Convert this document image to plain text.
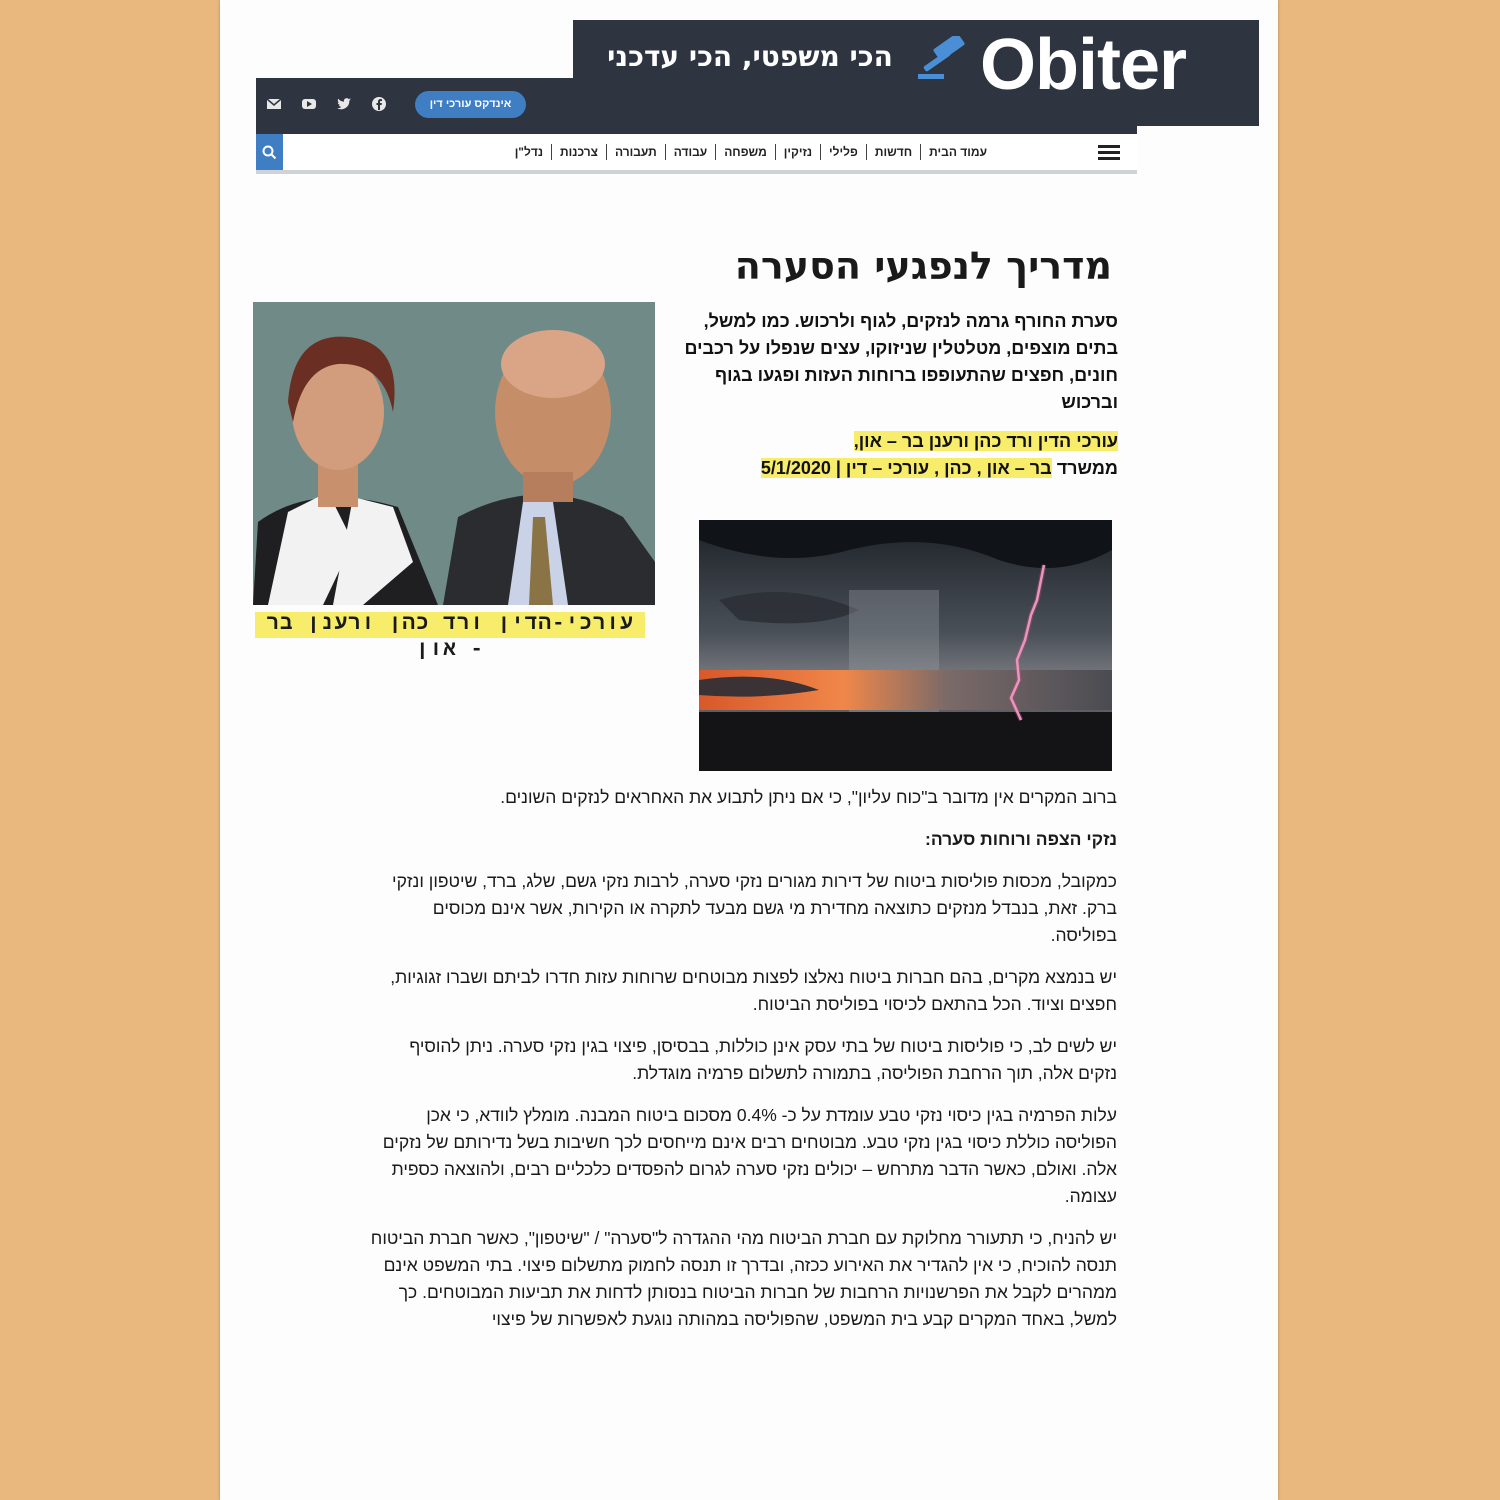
Obiter
הכי משפטי, הכי עדכני
אינדקס עורכי דין
עמוד הבית
חדשות
פלילי
נזיקין
משפחה
עבודה
תעבורה
צרכנות
נדל"ן
מדריך לנפגעי הסערה
סערת החורף גרמה לנזקים, לגוף ולרכוש. כמו למשל, בתים מוצפים, מטלטלין שניזוקו, עצים שנפלו על רכבים חונים, חפצים שהתעופפו ברוחות העזות ופגעו בגוף וברכוש
עורכי הדין ורד כהן ורענן בר – און,
ממשרד בר – און , כהן , עורכי – דין | 5/1/2020
עורכי-הדין ורד כהן ורענן בר - און

ברוב המקרים אין מדובר ב"כוח עליון", כי אם ניתן לתבוע את האחראים לנזקים השונים.

נזקי הצפה ורוחות סערה:

כמקובל, מכסות פוליסות ביטוח של דירות מגורים נזקי סערה, לרבות נזקי גשם, שלג, ברד, שיטפון ונזקי ברק. זאת, בנבדל מנזקים כתוצאה מחדירת מי גשם מבעד לתקרה או הקירות, אשר אינם מכוסים בפוליסה.

יש בנמצא מקרים, בהם חברות ביטוח נאלצו לפצות מבוטחים שרוחות עזות חדרו לביתם ושברו זגוגיות, חפצים וציוד. הכל בהתאם לכיסוי בפוליסת הביטוח.

יש לשים לב, כי פוליסות ביטוח של בתי עסק אינן כוללות, בבסיסן, פיצוי בגין נזקי סערה. ניתן להוסיף נזקים אלה, תוך הרחבת הפוליסה, בתמורה לתשלום פרמיה מוגדלת.

עלות הפרמיה בגין כיסוי נזקי טבע עומדת על כ- 0.4% מסכום ביטוח המבנה. מומלץ לוודא, כי אכן הפוליסה כוללת כיסוי בגין נזקי טבע. מבוטחים רבים אינם מייחסים לכך חשיבות בשל נדירותם של נזקים אלה. ואולם, כאשר הדבר מתרחש – יכולים נזקי סערה לגרום להפסדים כלכליים רבים, ולהוצאה כספית עצומה.

יש להניח, כי תתעורר מחלוקת עם חברת הביטוח מהי ההגדרה ל"סערה" / "שיטפון", כאשר חברת הביטוח תנסה להוכיח, כי אין להגדיר את האירוע ככזה, ובדרך זו תנסה לחמוק מתשלום פיצוי. בתי המשפט אינם ממהרים לקבל את הפרשנויות הרחבות של חברות הביטוח בנסותן לדחות את תביעות המבוטחים. כך למשל, באחד המקרים קבע בית המשפט, שהפוליסה במהותה נוגעת לאפשרות של פיצוי
